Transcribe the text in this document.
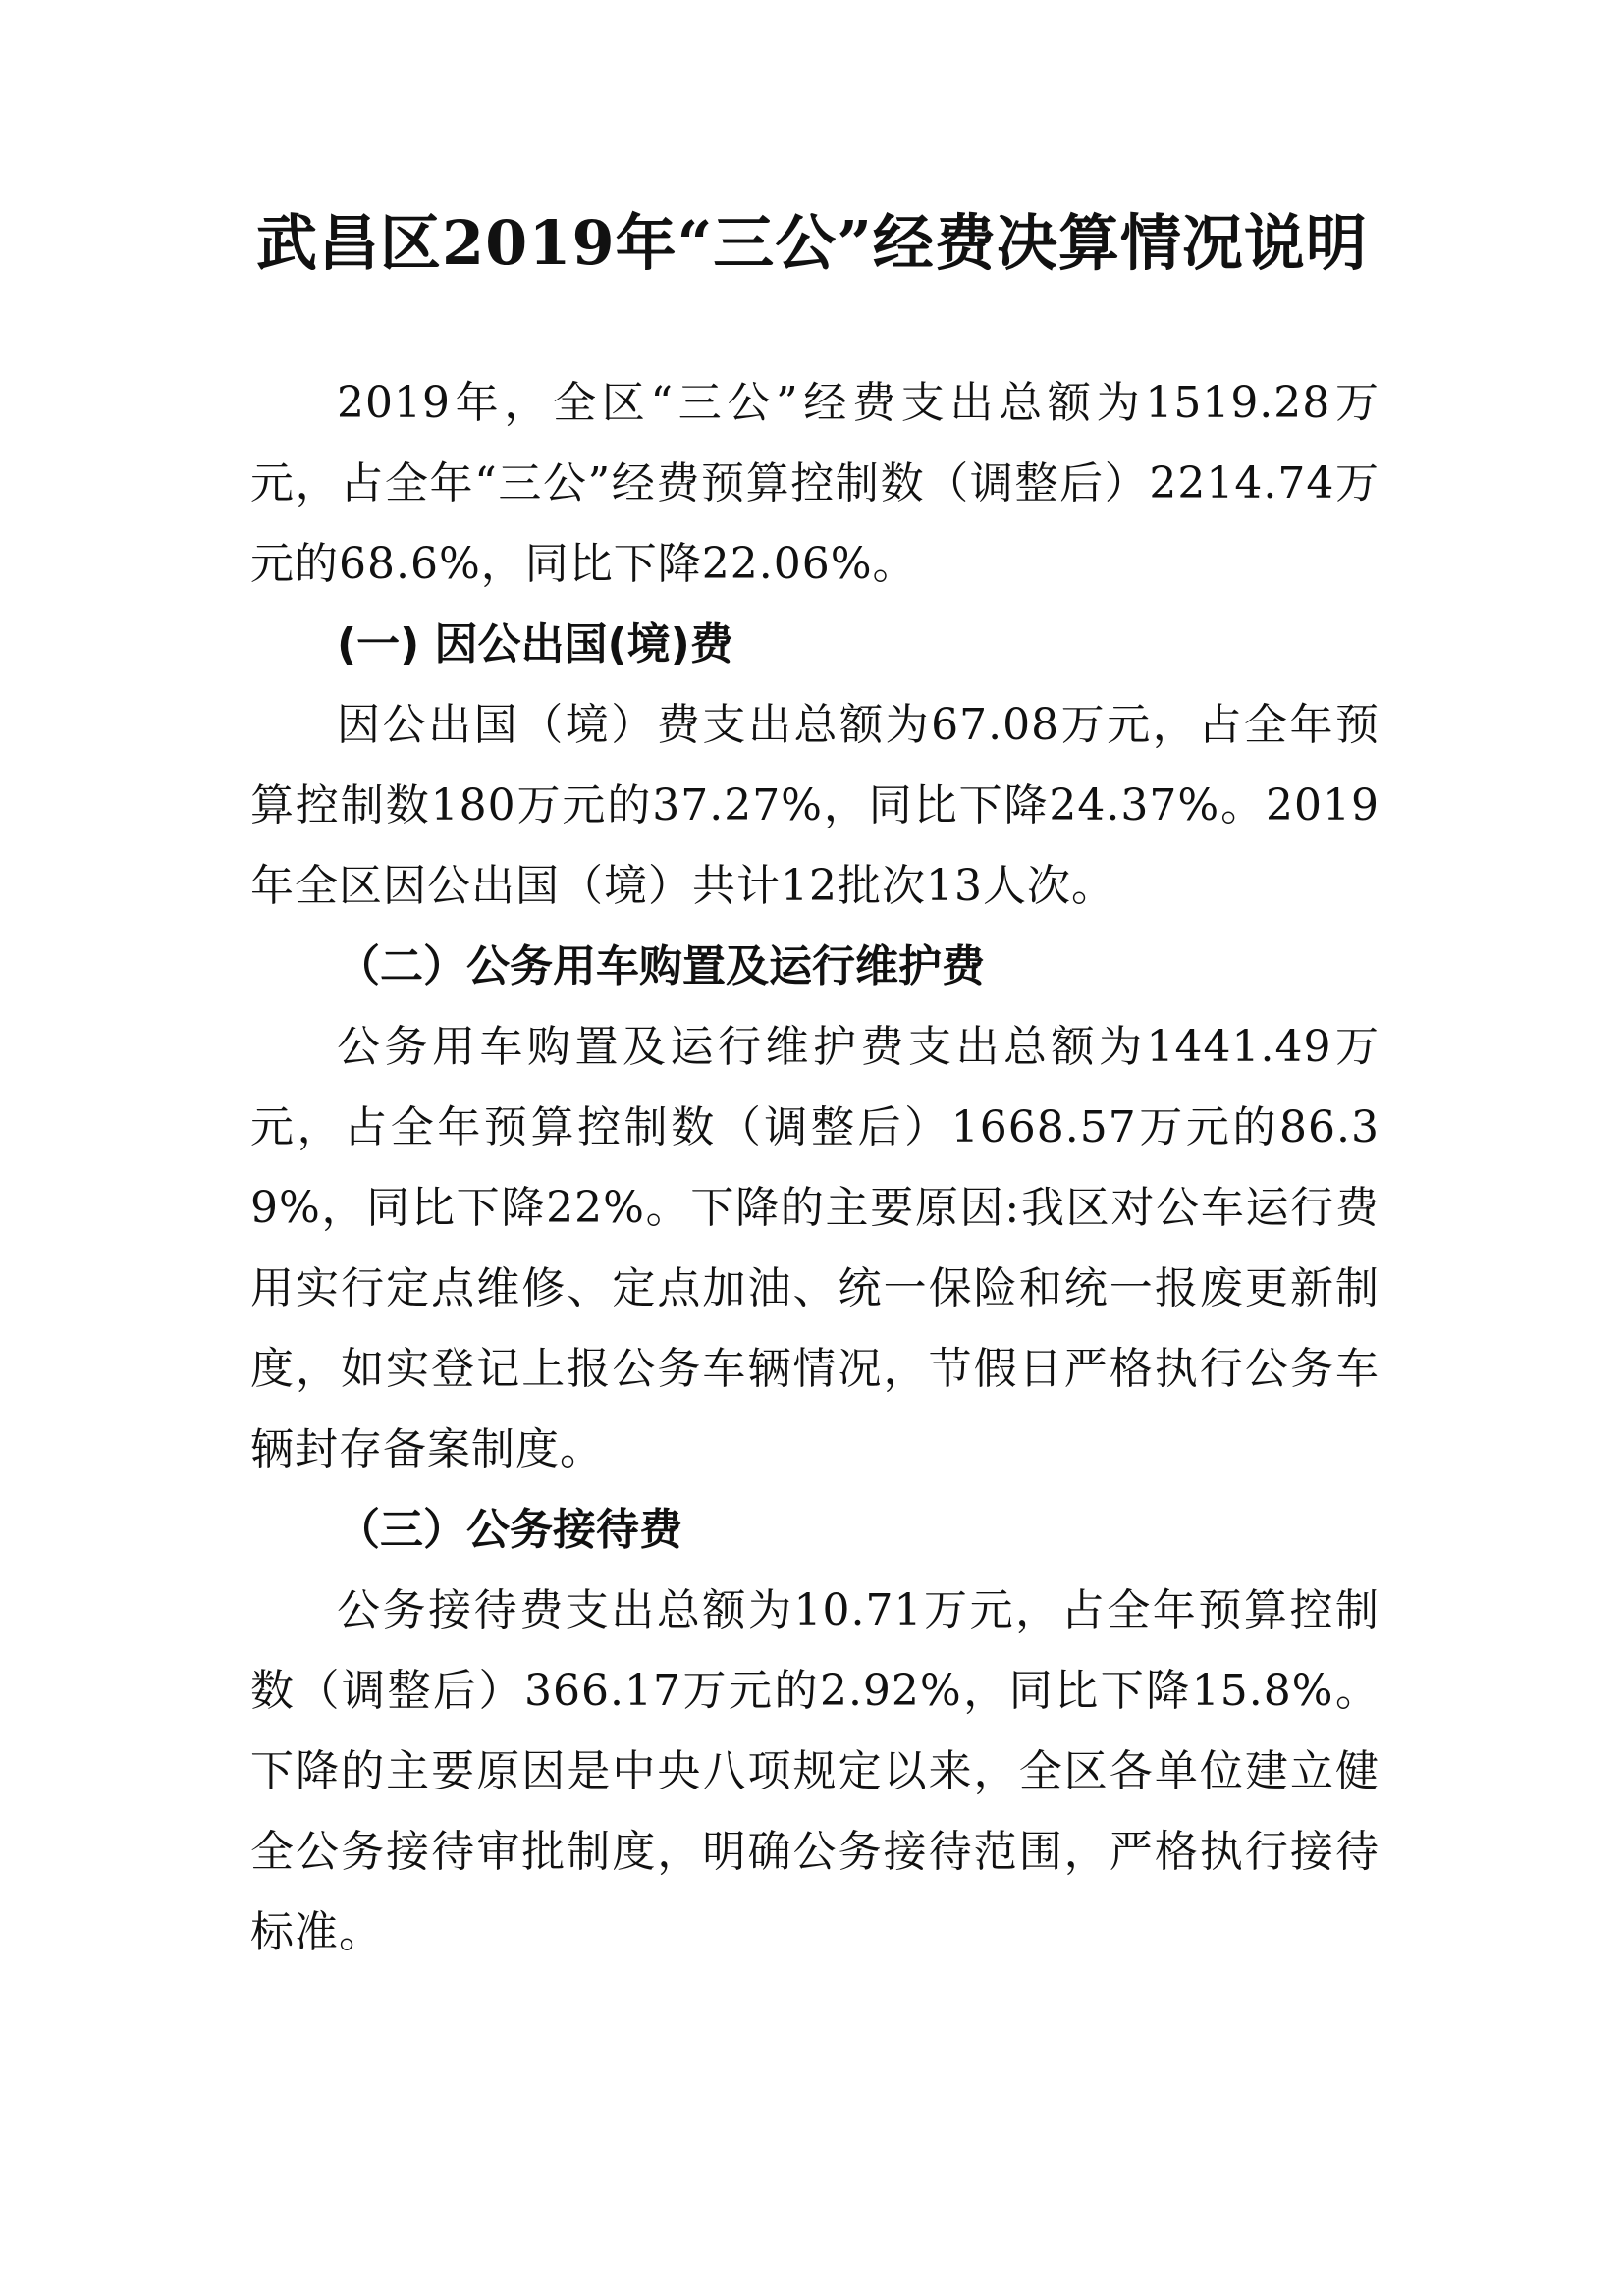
武昌区2019年“三公”经费决算情况说明

2019年，全区“三公”经费支出总额为1519.28万元，占全年“三公”经费预算控制数（调整后）2214.74万元的68.6%，同比下降22.06%。

(一) 因公出国(境)费

因公出国（境）费支出总额为67.08万元，占全年预算控制数180万元的37.27%，同比下降24.37%。2019年全区因公出国（境）共计12批次13人次。

（二）公务用车购置及运行维护费

公务用车购置及运行维护费支出总额为1441.49万元，占全年预算控制数（调整后）1668.57万元的86.39%，同比下降22%。下降的主要原因:我区对公车运行费用实行定点维修、定点加油、统一保险和统一报废更新制度，如实登记上报公务车辆情况，节假日严格执行公务车辆封存备案制度。

（三）公务接待费

公务接待费支出总额为10.71万元，占全年预算控制数（调整后）366.17万元的2.92%，同比下降15.8%。下降的主要原因是中央八项规定以来，全区各单位建立健全公务接待审批制度，明确公务接待范围，严格执行接待标准。
